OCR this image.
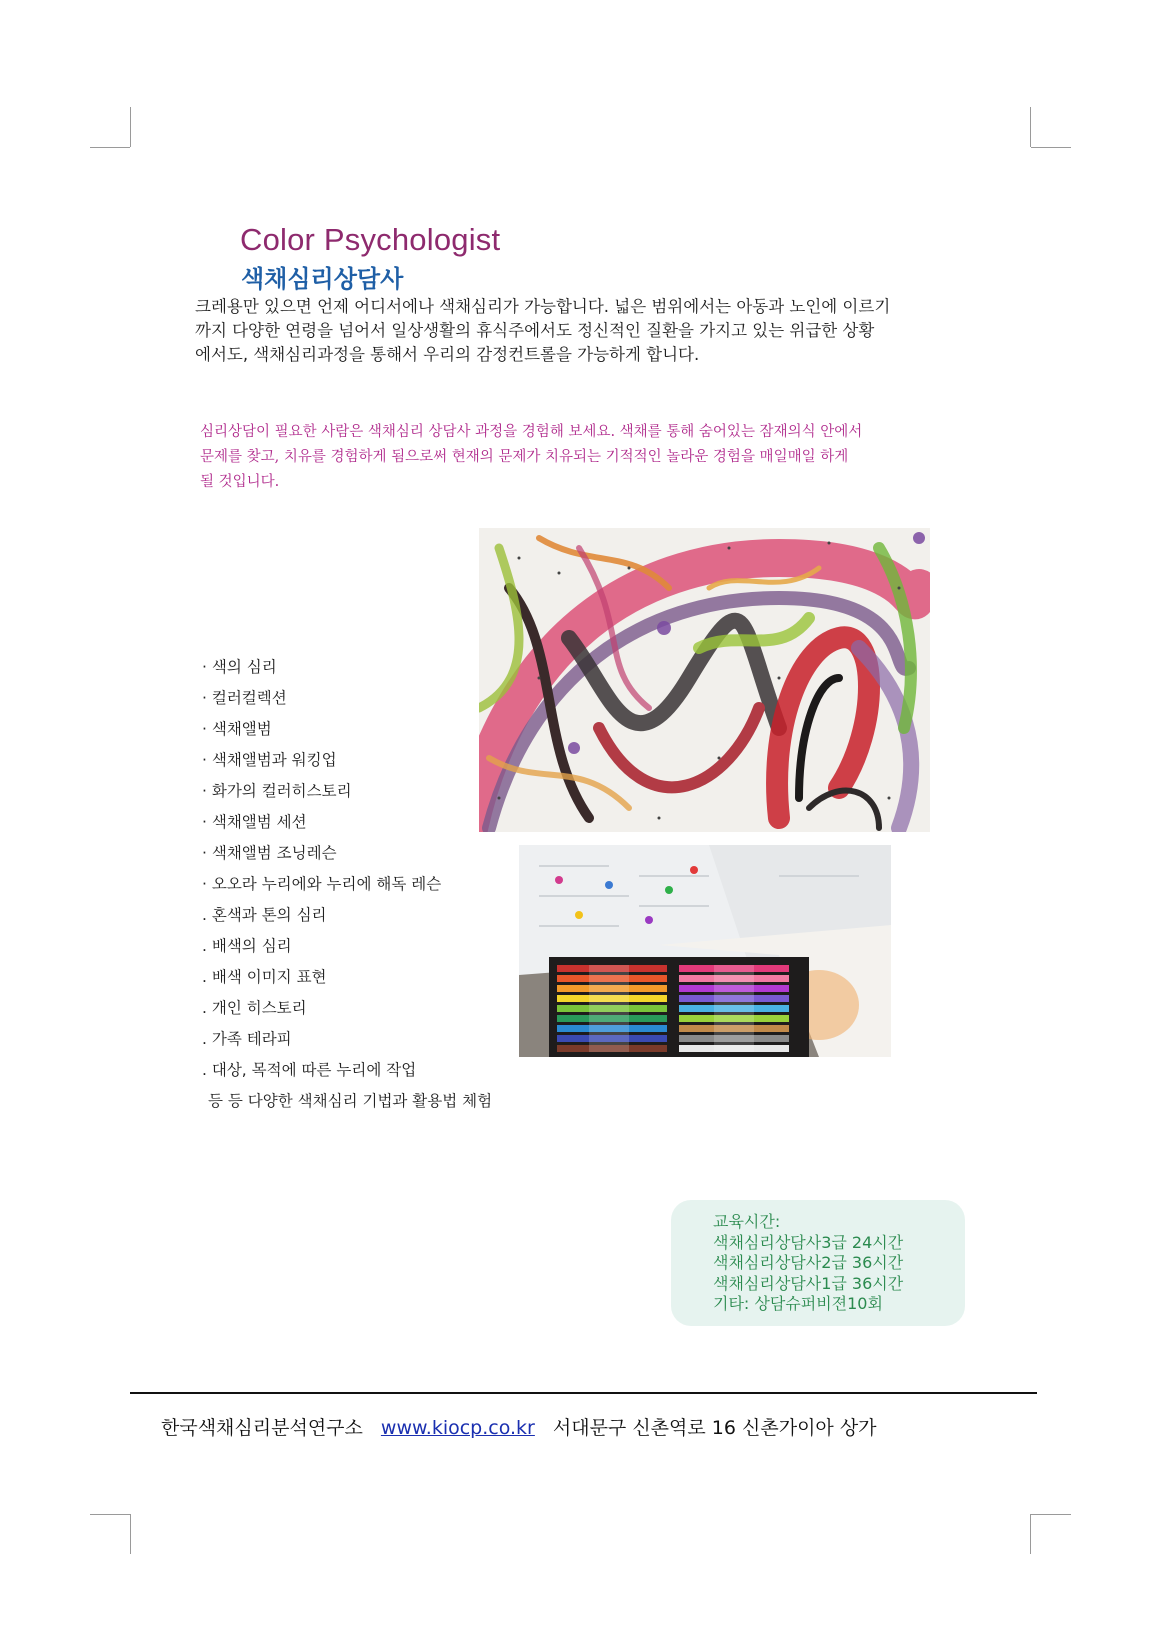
Color Psychologist
색채심리상담사
크레용만 있으면 언제 어디서에나 색채심리가 가능합니다. 넓은 범위에서는 아동과 노인에 이르기
까지 다양한 연령을 넘어서 일상생활의 휴식주에서도 정신적인 질환을 가지고 있는 위급한 상황
에서도, 색채심리과정을 통해서 우리의 감정컨트롤을 가능하게 합니다.
심리상담이 필요한 사람은 색채심리 상담사 과정을 경험해 보세요. 색채를 통해 숨어있는 잠재의식 안에서
문제를 찾고, 치유를 경험하게 됨으로써 현재의 문제가 치유되는 기적적인 놀라운 경험을 매일매일 하게
될 것입니다.
· 색의 심리
· 컬러컬렉션
· 색채앨범
· 색채앨범과 워킹업
· 화가의 컬러히스토리
· 색채앨범 세션
· 색채앨범 조닝레슨
· 오오라 누리에와 누리에 해독 레슨
. 혼색과 톤의 심리
. 배색의 심리
. 배색 이미지 표현
. 개인 히스토리
. 가족 테라피
. 대상, 목적에 따른 누리에 작업
등 등 다양한 색채심리 기법과 활용법 체험
교육시간:
색채심리상담사3급 24시간
색채심리상담사2급 36시간
색채심리상담사1급 36시간
기타: 상담슈퍼비젼10회
한국색채심리분석연구소 www.kiocp.co.kr 서대문구 신촌역로 16 신촌가이아 상가
